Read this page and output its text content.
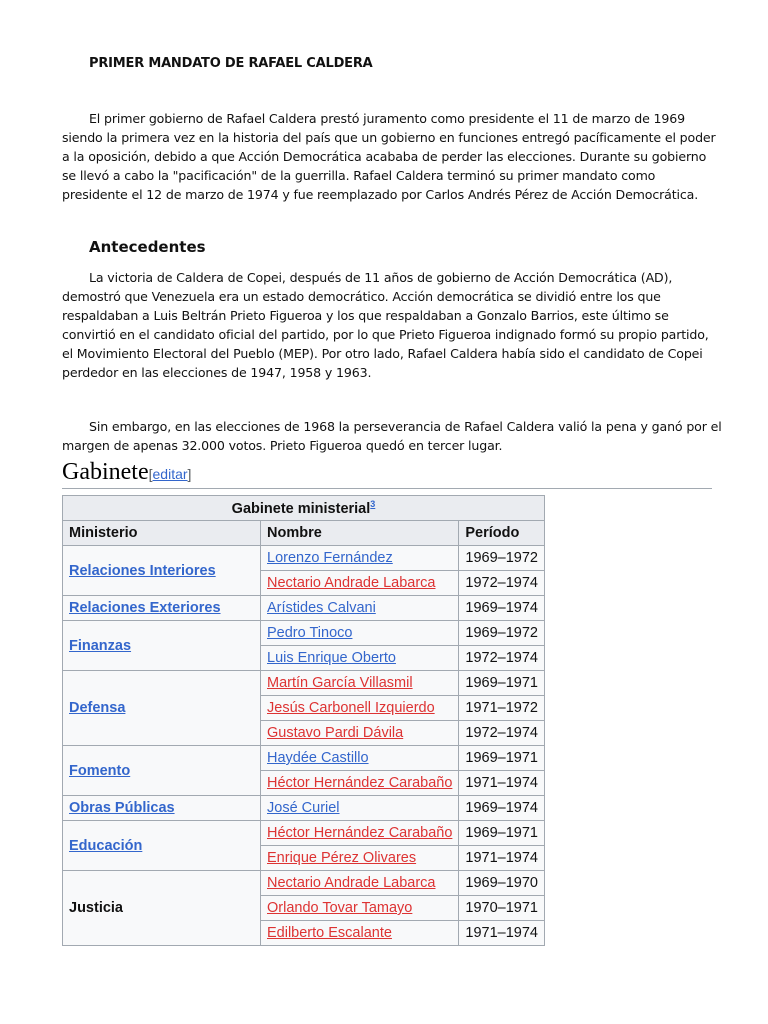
PRIMER MANDATO DE RAFAEL CALDERA
El primer gobierno de Rafael Caldera prestó juramento como presidente el 11 de marzo de 1969 siendo la primera vez en la historia del país que un gobierno en funciones entregó pacíficamente el poder a la oposición, debido a que Acción Democrática acababa de perder las elecciones. Durante su gobierno se llevó a cabo la "pacificación" de la guerrilla. Rafael Caldera terminó su primer mandato como presidente el 12 de marzo de 1974 y fue reemplazado por Carlos Andrés Pérez de Acción Democrática.
Antecedentes
La victoria de Caldera de Copei, después de 11 años de gobierno de Acción Democrática (AD), demostró que Venezuela era un estado democrático. Acción democrática se dividió entre los que respaldaban a Luis Beltrán Prieto Figueroa y los que respaldaban a Gonzalo Barrios, este último se convirtió en el candidato oficial del partido, por lo que Prieto Figueroa indignado formó su propio partido, el Movimiento Electoral del Pueblo (MEP). Por otro lado, Rafael Caldera había sido el candidato de Copei perdedor en las elecciones de 1947, 1958 y 1963.
Sin embargo, en las elecciones de 1968 la perseverancia de Rafael Caldera valió la pena y ganó por el margen de apenas 32.000 votos. Prieto Figueroa quedó en tercer lugar.
Gabinete[editar]
Gabinete ministerial$^3$
Ministerio	Nombre	Período
Relaciones Interiores	Lorenzo Fernández	1969–1972
	Nectario Andrade Labarca	1972–1974
Relaciones Exteriores	Arístides Calvani	1969–1974
Finanzas	Pedro Tinoco	1969–1972
	Luis Enrique Oberto	1972–1974
Defensa	Martín García Villasmil	1969–1971
	Jesús Carbonell Izquierdo	1971–1972
	Gustavo Pardi Dávila	1972–1974
Fomento	Haydée Castillo	1969–1971
	Héctor Hernández Carabaño	1971–1974
Obras Públicas	José Curiel	1969–1974
Educación	Héctor Hernández Carabaño	1969–1971
	Enrique Pérez Olivares	1971–1974
Justicia	Nectario Andrade Labarca	1969–1970
	Orlando Tovar Tamayo	1970–1971
	Edilberto Escalante	1971–1974
